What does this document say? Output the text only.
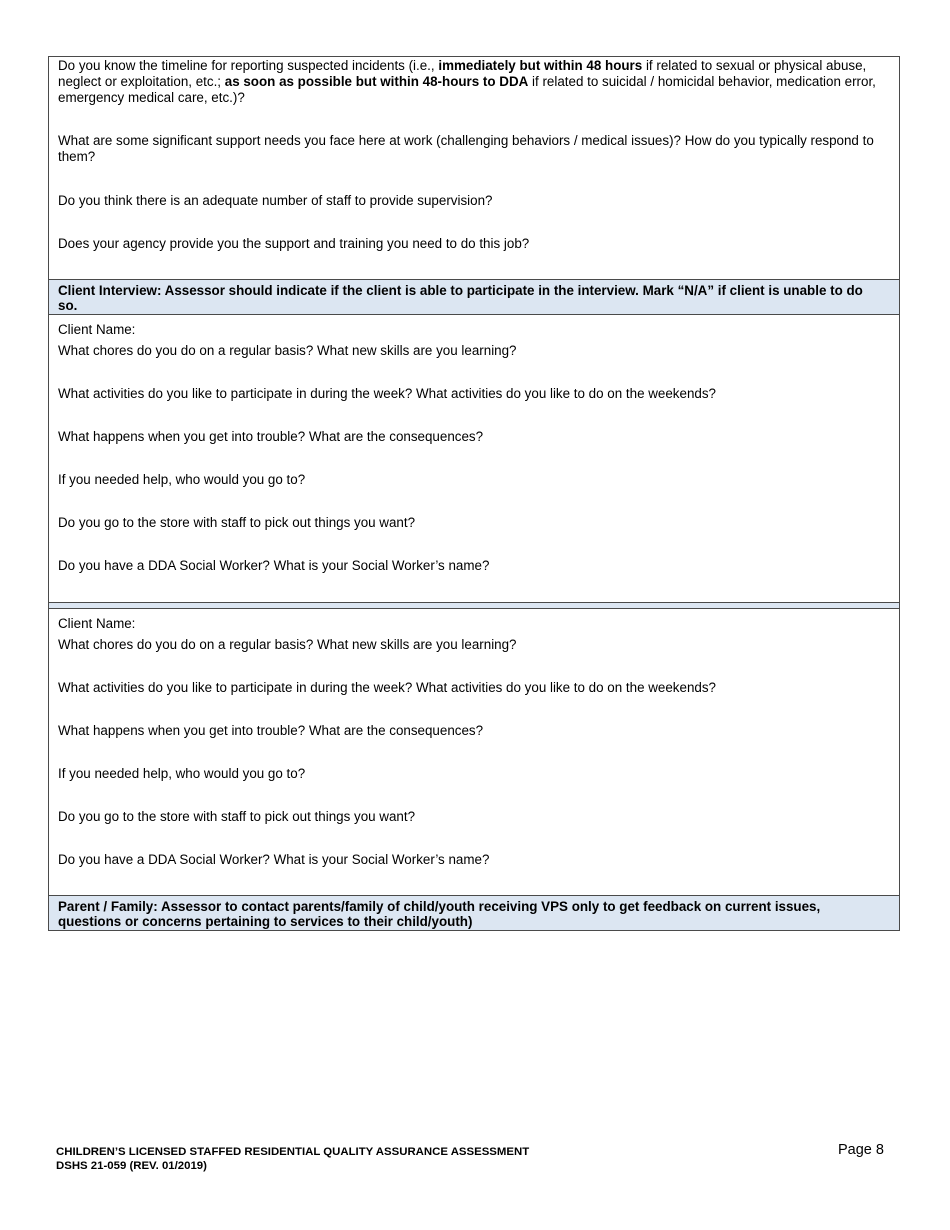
Do you know the timeline for reporting suspected incidents (i.e., immediately but within 48 hours if related to sexual or physical abuse, neglect or exploitation, etc.; as soon as possible but within 48-hours to DDA if related to suicidal / homicidal behavior, medication error, emergency medical care, etc.)?

What are some significant support needs you face here at work (challenging behaviors / medical issues)? How do you typically respond to them?

Do you think there is an adequate number of staff to provide supervision?

Does your agency provide you the support and training you need to do this job?

Client Interview: Assessor should indicate if the client is able to participate in the interview. Mark “N/A” if client is unable to do so.

Client Name:

What chores do you do on a regular basis? What new skills are you learning?

What activities do you like to participate in during the week? What activities do you like to do on the weekends?

What happens when you get into trouble? What are the consequences?

If you needed help, who would you go to?

Do you go to the store with staff to pick out things you want?

Do you have a DDA Social Worker? What is your Social Worker’s name?

Client Name:

What chores do you do on a regular basis? What new skills are you learning?

What activities do you like to participate in during the week? What activities do you like to do on the weekends?

What happens when you get into trouble? What are the consequences?

If you needed help, who would you go to?

Do you go to the store with staff to pick out things you want?

Do you have a DDA Social Worker? What is your Social Worker’s name?

Parent / Family: Assessor to contact parents/family of child/youth receiving VPS only to get feedback on current issues, questions or concerns pertaining to services to their child/youth)
CHILDREN’S LICENSED STAFFED RESIDENTIAL QUALITY ASSURANCE ASSESSMENT
DSHS 21-059 (REV. 01/2019)
Page 8
